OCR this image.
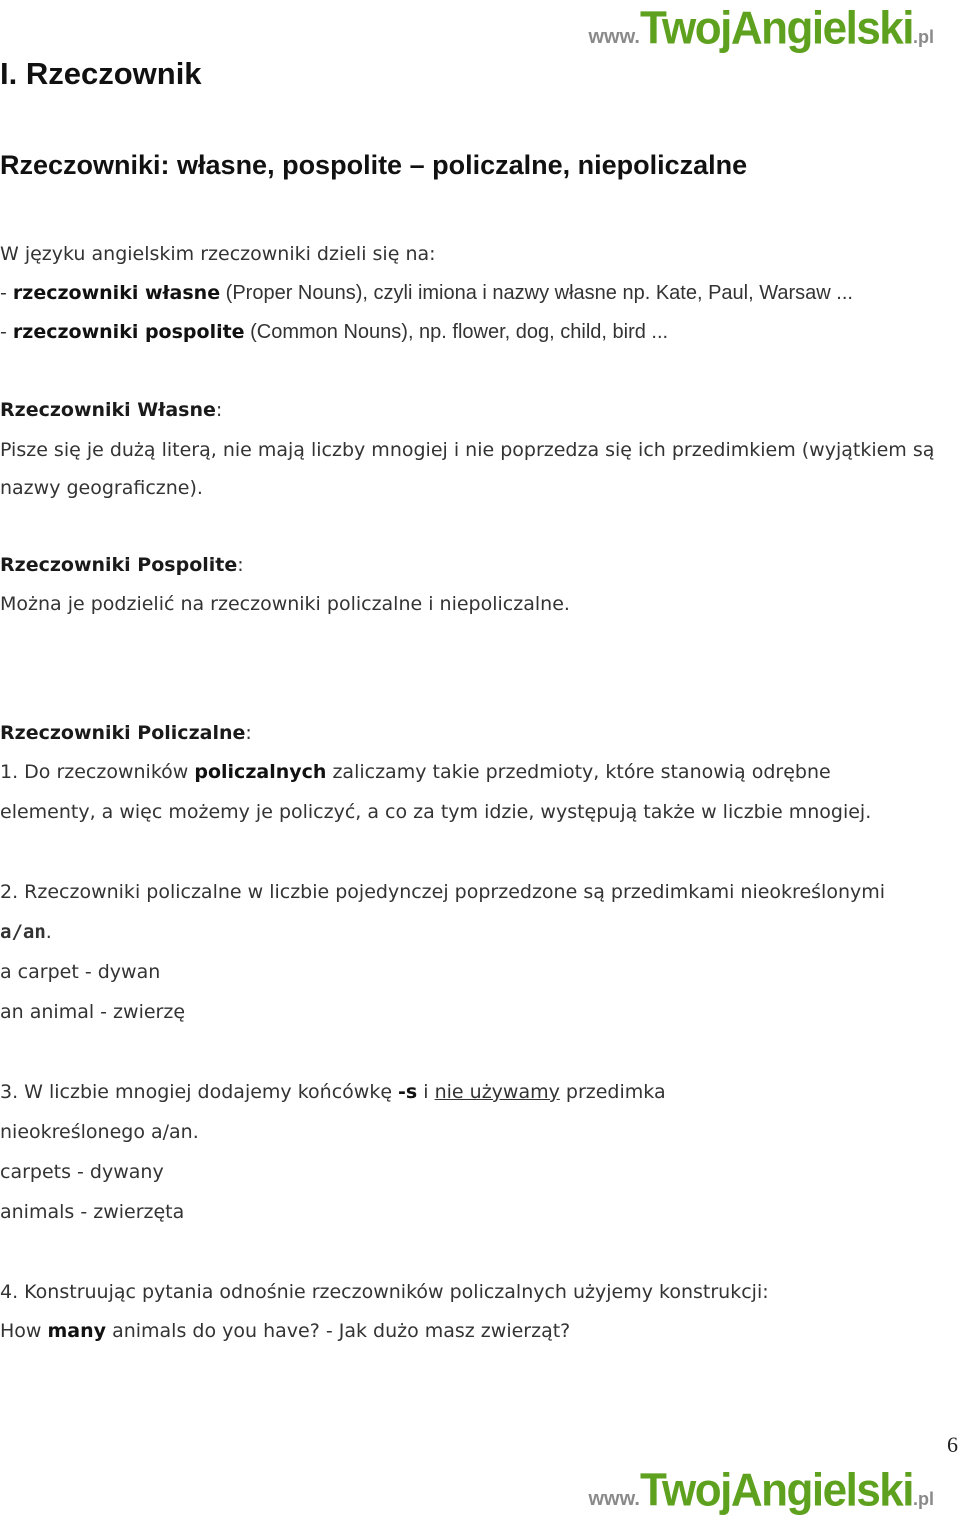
www. TwojAngielski .pl
I. Rzeczownik
Rzeczowniki: własne, pospolite – policzalne, niepoliczalne
W języku angielskim rzeczowniki dzieli się na:
- rzeczowniki własne (Proper Nouns), czyli imiona i nazwy własne np. Kate, Paul, Warsaw ...
- rzeczowniki pospolite (Common Nouns), np. flower, dog, child, bird ...
Rzeczowniki Własne:
Pisze się je dużą literą, nie mają liczby mnogiej i nie poprzedza się ich przedimkiem (wyjątkiem są
nazwy geograficzne).
Rzeczowniki Pospolite:
Można je podzielić na rzeczowniki policzalne i niepoliczalne.
Rzeczowniki Policzalne:
1. Do rzeczowników policzalnych zaliczamy takie przedmioty, które stanowią odrębne
elementy, a więc możemy je policzyć, a co za tym idzie, występują także w liczbie mnogiej.
2. Rzeczowniki policzalne w liczbie pojedynczej poprzedzone są przedimkami nieokreślonymi
a/an.
a carpet - dywan
an animal - zwierzę
3. W liczbie mnogiej dodajemy końcówkę -s i nie używamy przedimka
nieokreślonego a/an.
carpets - dywany
animals - zwierzęta
4. Konstruując pytania odnośnie rzeczowników policzalnych użyjemy konstrukcji:
How many animals do you have? - Jak dużo masz zwierząt?
6
www. TwojAngielski .pl
